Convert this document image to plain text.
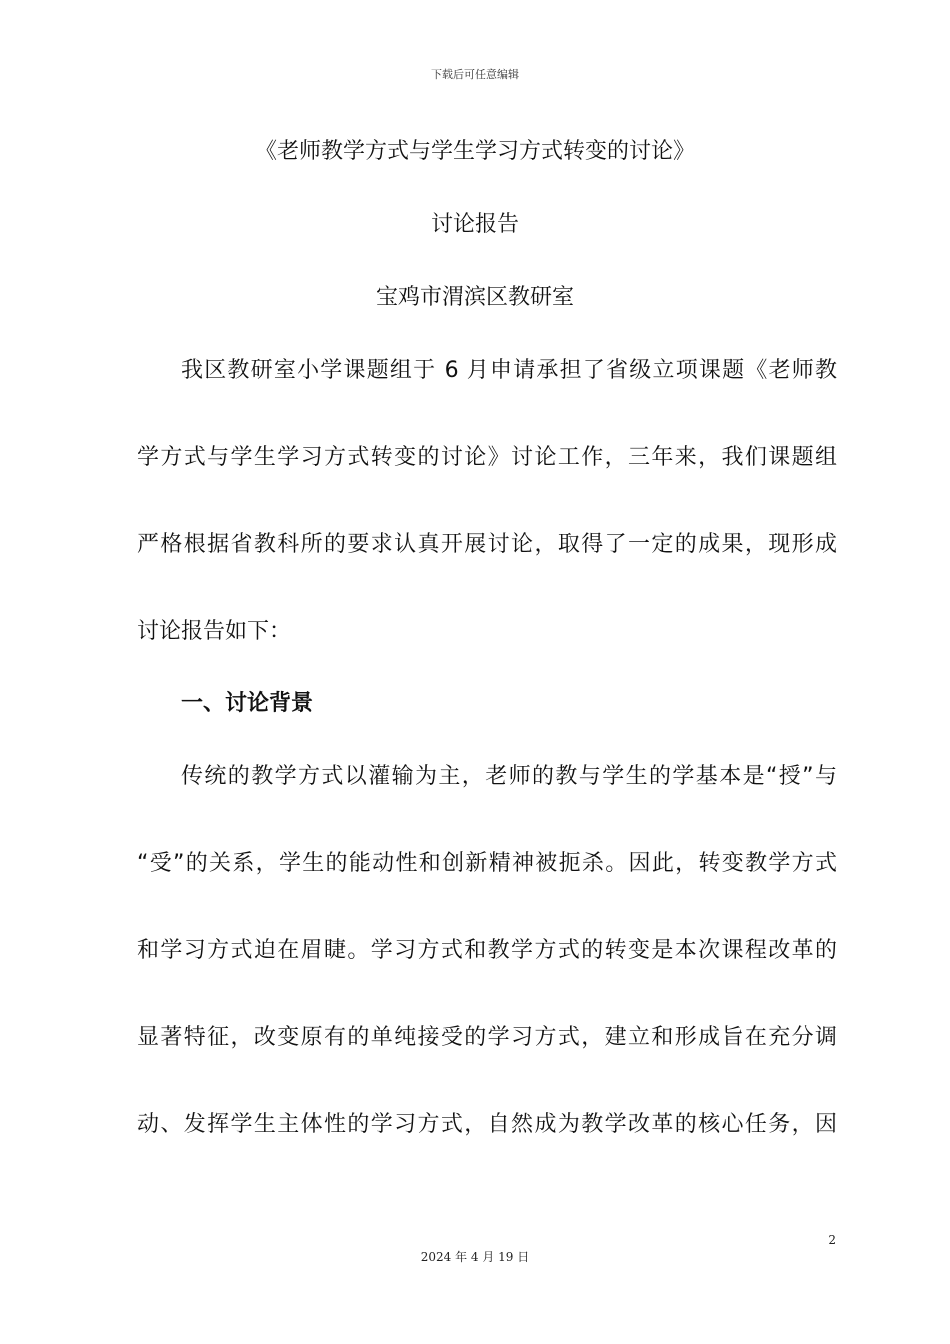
下载后可任意编辑
《老师教学方式与学生学习方式转变的讨论》
讨论报告
宝鸡市渭滨区教研室
我区教研室小学课题组于 6 月申请承担了省级立项课题《老师教
学方式与学生学习方式转变的讨论》讨论工作，三年来，我们课题组
严格根据省教科所的要求认真开展讨论，取得了一定的成果，现形成
讨论报告如下：
一、讨论背景
传统的教学方式以灌输为主，老师的教与学生的学基本是“授”与
“受”的关系，学生的能动性和创新精神被扼杀。因此，转变教学方式
和学习方式迫在眉睫。学习方式和教学方式的转变是本次课程改革的
显著特征，改变原有的单纯接受的学习方式，建立和形成旨在充分调
动、发挥学生主体性的学习方式，自然成为教学改革的核心任务，因
2
2024 年 4 月 19 日
